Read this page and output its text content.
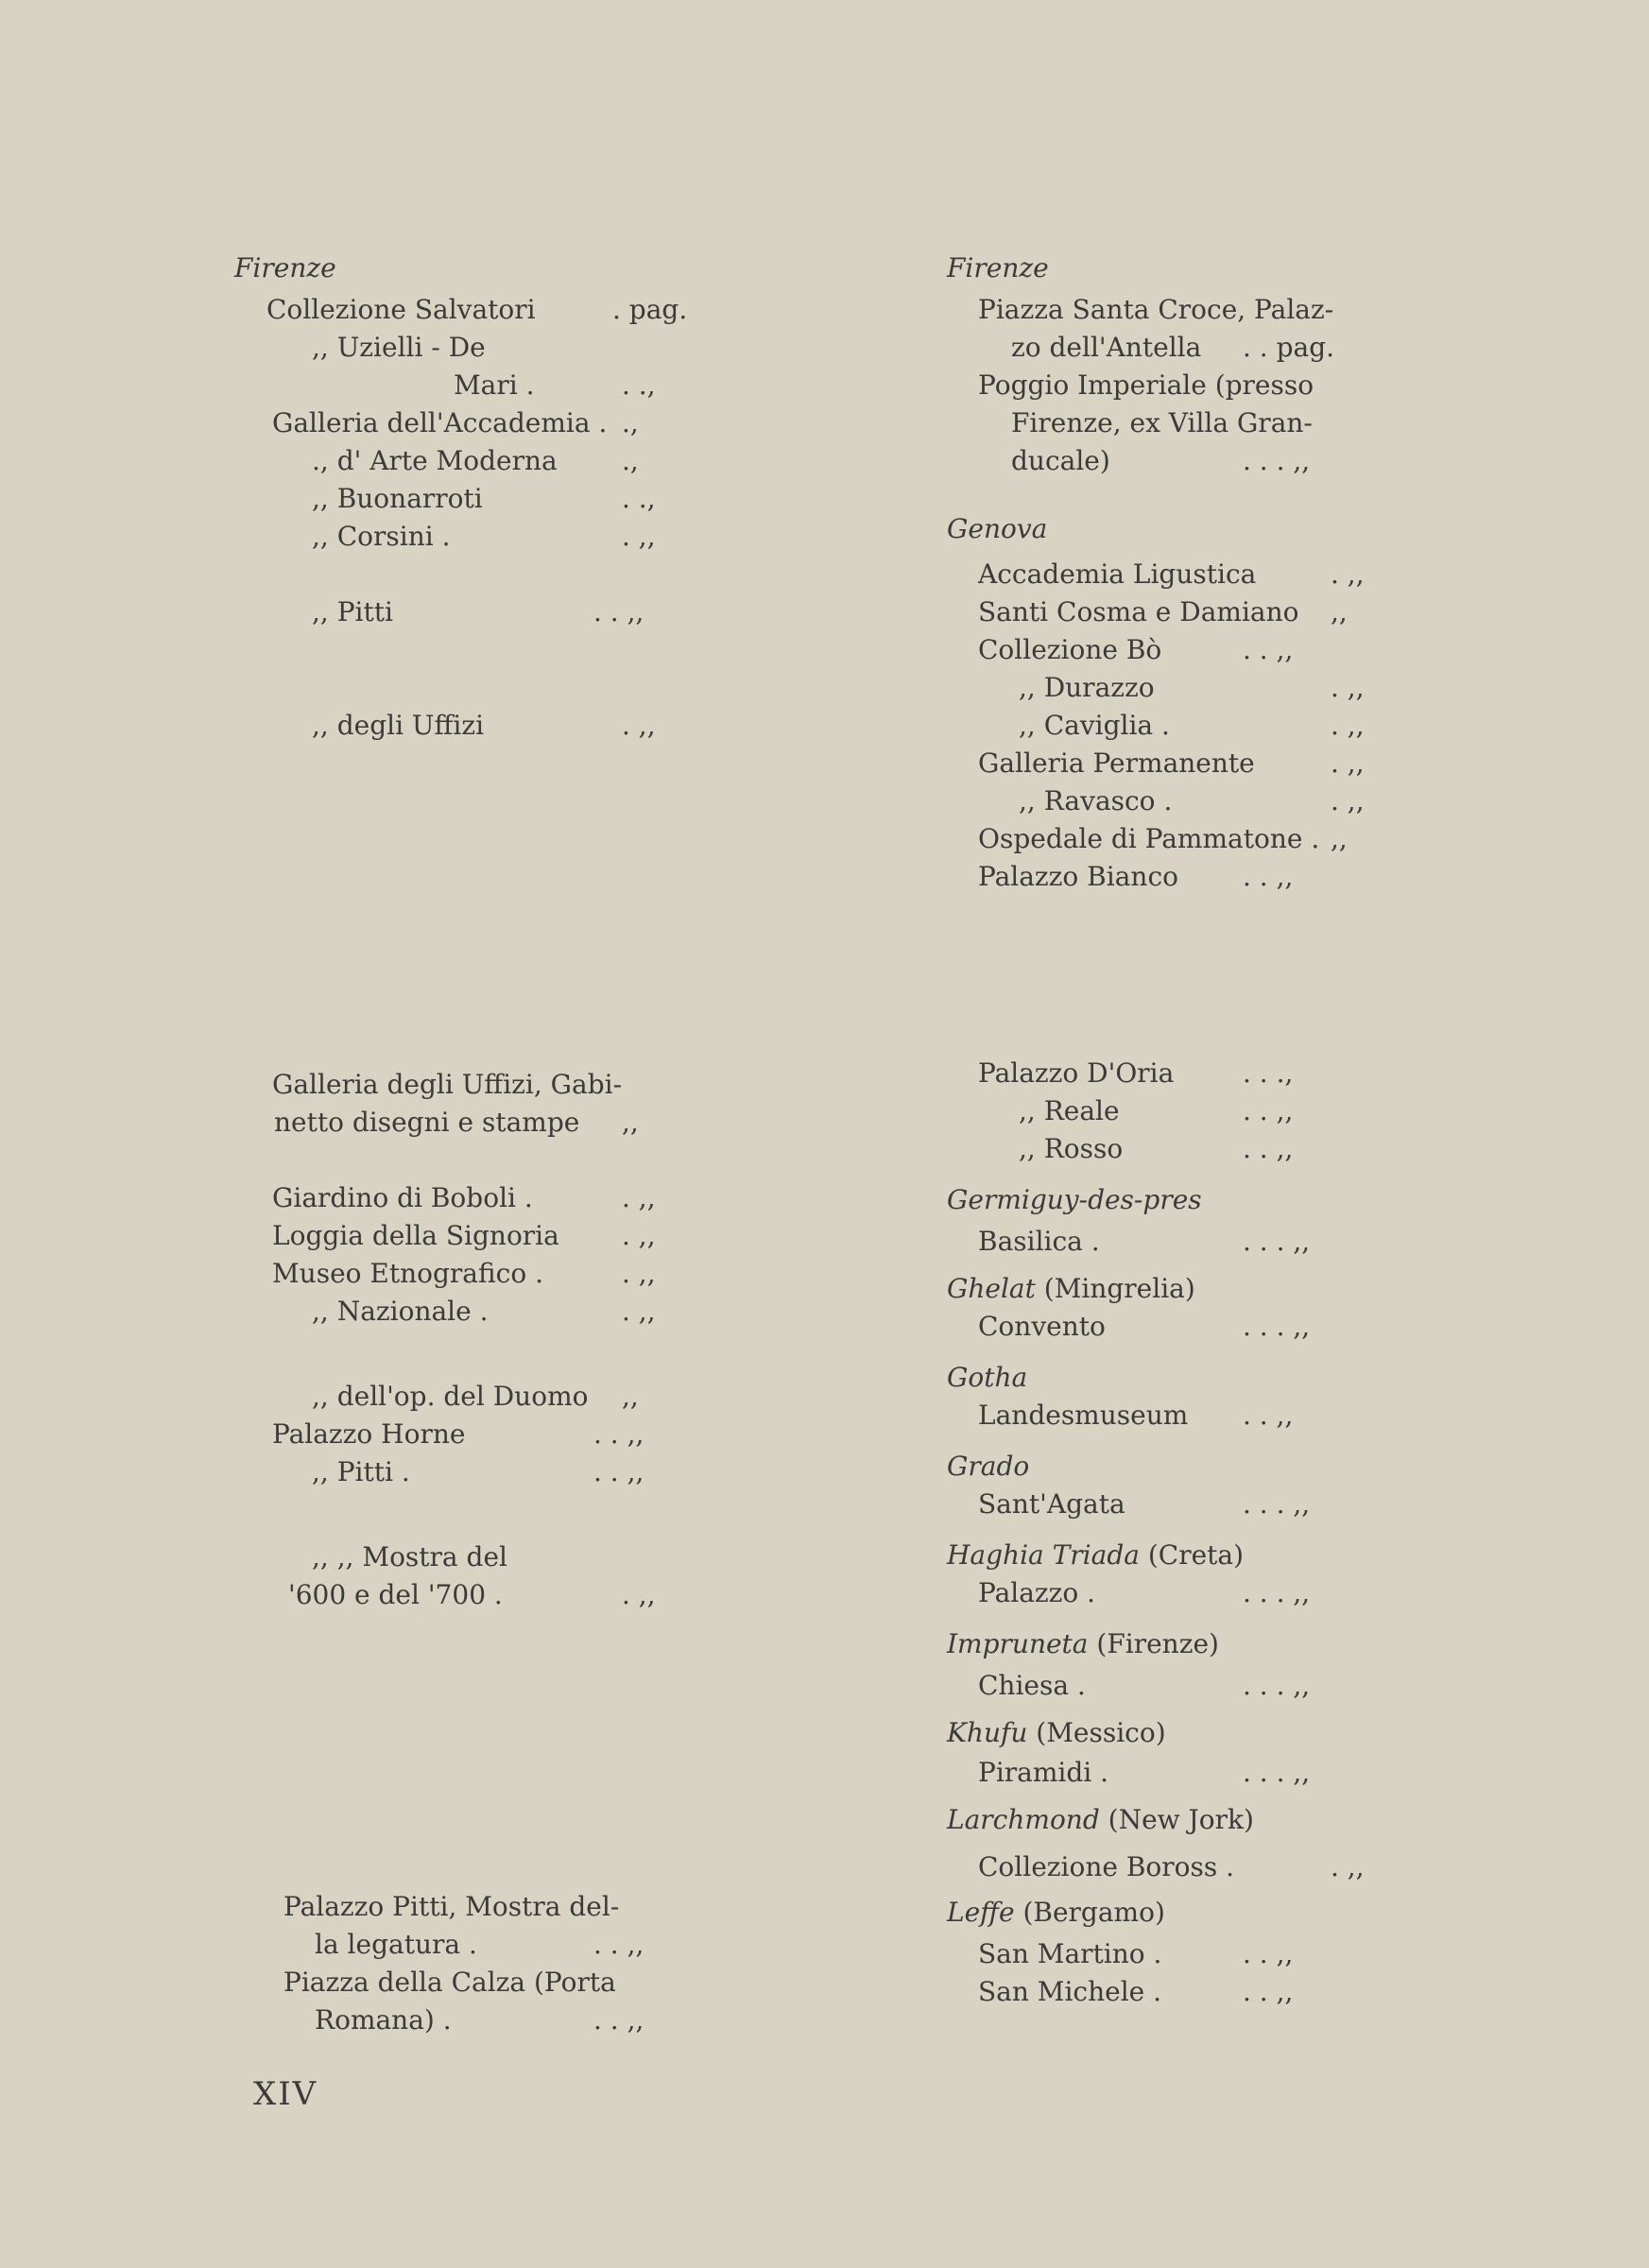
Firenze
Collezione Salvatori	. pag.
,, Uzielli - De
Mari .	. .,
Galleria dell'Accademia . .,
., d' Arte Moderna .,
,, Buonarroti	. .,
,, Corsini .	. ,,
,, Pitti	. . ,,
,, degli Uffizi	. ,,
Galleria degli Uffizi, Gabi-
netto disegni e stampe ,,
Giardino di Boboli .	. ,,
Loggia della Signoria . ,,
Museo Etnografico .	. ,,
,, Nazionale .	. ,,
,, dell'op. del Duomo ,,
Palazzo Horne	. . ,,
,, Pitti .	. . ,,
,, ,, Mostra del
'600 e del '700 .	. ,,
Palazzo Pitti, Mostra del-
la legatura .	. . ,,
Piazza della Calza (Porta
Romana) .	. . ,,
Firenze
Piazza Santa Croce, Palaz-
zo dell'Antella . . pag.
Poggio Imperiale (presso
Firenze, ex Villa Gran-
ducale)	. . . ,,
Genova
Accademia Ligustica	. ,,
Santi Cosma e Damiano ,,
Collezione Bò	. . ,,
,, Durazzo	. ,,
,, Caviglia .	. ,,
Galleria Permanente	. ,,
,, Ravasco .	. ,,
Ospedale di Pammatone . ,,
Palazzo Bianco . . ,,
Palazzo D'Oria	. . .,
,, Reale	. . ,,
,, Rosso	. . ,,
Germiguy-des-pres
Basilica .	. . . ,,
Ghelat (Mingrelia)
Convento	. . . ,,
Gotha
Landesmuseum . . ,,
Grado
Sant'Agata	. . . ,,
Haghia Triada (Creta)
Palazzo .	. . . ,,
Impruneta (Firenze)
Chiesa .	. . . ,,
Khufu (Messico)
Piramidi .	. . . ,,
Larchmond (New Jork)
Collezione Boross .	. ,,
Leffe (Bergamo)
San Martino .	. . ,,
San Michele .	. . ,,
XIV
